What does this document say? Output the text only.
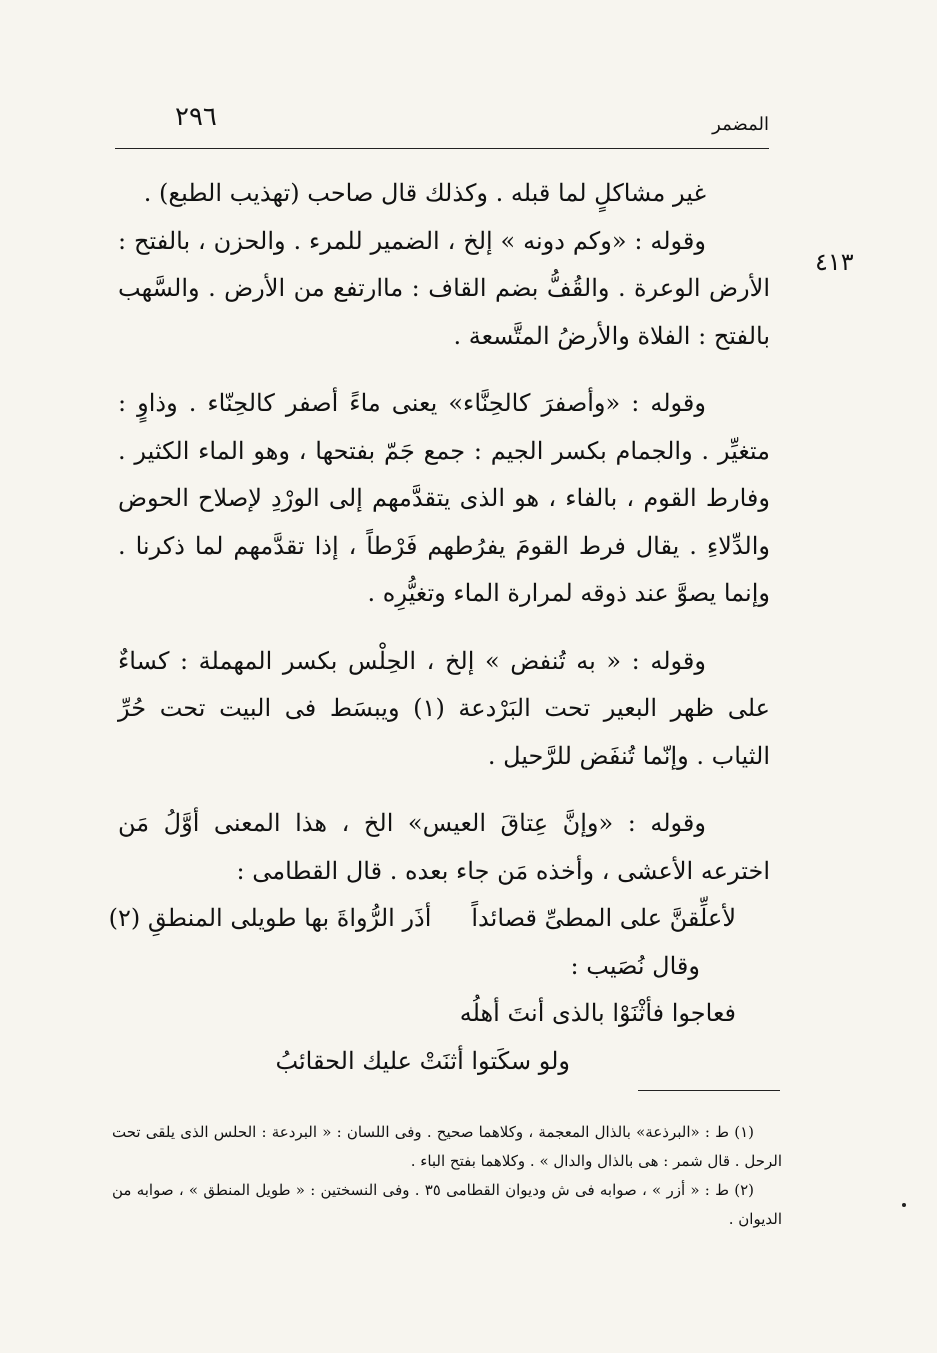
٢٩٦	المضمر
٤١٣

غير مشاكلٍ لما قبله . وكذلك قال صاحب (تهذيب الطبع) .

وقوله : «وكم دونه » إلخ ، الضمير للمرء . والحزن ، بالفتح : الأرض الوعرة . والقُفُّ بضم القاف : ماارتفع من الأرض . والسَّهب بالفتح : الفلاة والأرضُ المتَّسعة .

وقوله : «وأصفرَ كالحِنَّاء» يعنى ماءً أصفر كالحِنّاء . وذاوٍ : متغيِّر . والجمام بكسر الجيم : جمع جَمّ بفتحها ، وهو الماء الكثير . وفارط القوم ، بالفاء ، هو الذى يتقدَّمهم إلى الورْدِ لإصلاح الحوض والدِّلاءِ . يقال فرط القومَ يفرُطهم فَرْطاً ، إذا تقدَّمهم لما ذكرنا . وإنما يصوَّ عند ذوقه لمرارة الماء وتغيُّرِه .

وقوله : « به تُنفض » إلخ ، الحِلْس بكسر المهملة : كساءٌ على ظهر البعير تحت البَرْدعة (١) ويبسَط فى البيت تحت حُرِّ الثياب . وإنّما تُنفَض للرَّحيل .

وقوله : «وإنَّ عِتاقَ العيس» الخ ، هذا المعنى أوَّلُ مَن اخترعه الأعشى ، وأخذه مَن جاء بعده . قال القطامى :

لأعلِّقنَّ على المطىِّ قصائداً
أذَر الرُّواةَ بها طويلى المنطقِ (٢)

وقال نُصَيب :

فعاجوا فأثْنَوْا بالذى أنتَ أهلُه

ولو سكَتوا أثنَتْ عليك الحقائبُ

(١) ط : «البرذعة» بالذال المعجمة ، وكلاهما صحيح . وفى اللسان : « البردعة : الحلس الذى يلقى تحت الرحل . قال شمر : هى بالذال والدال » . وكلاهما بفتح الباء .

(٢) ط : « أزر » ، صوابه فى ش وديوان القطامى ٣٥ . وفى النسختين : « طويل المنطق » ، صوابه من الديوان .
